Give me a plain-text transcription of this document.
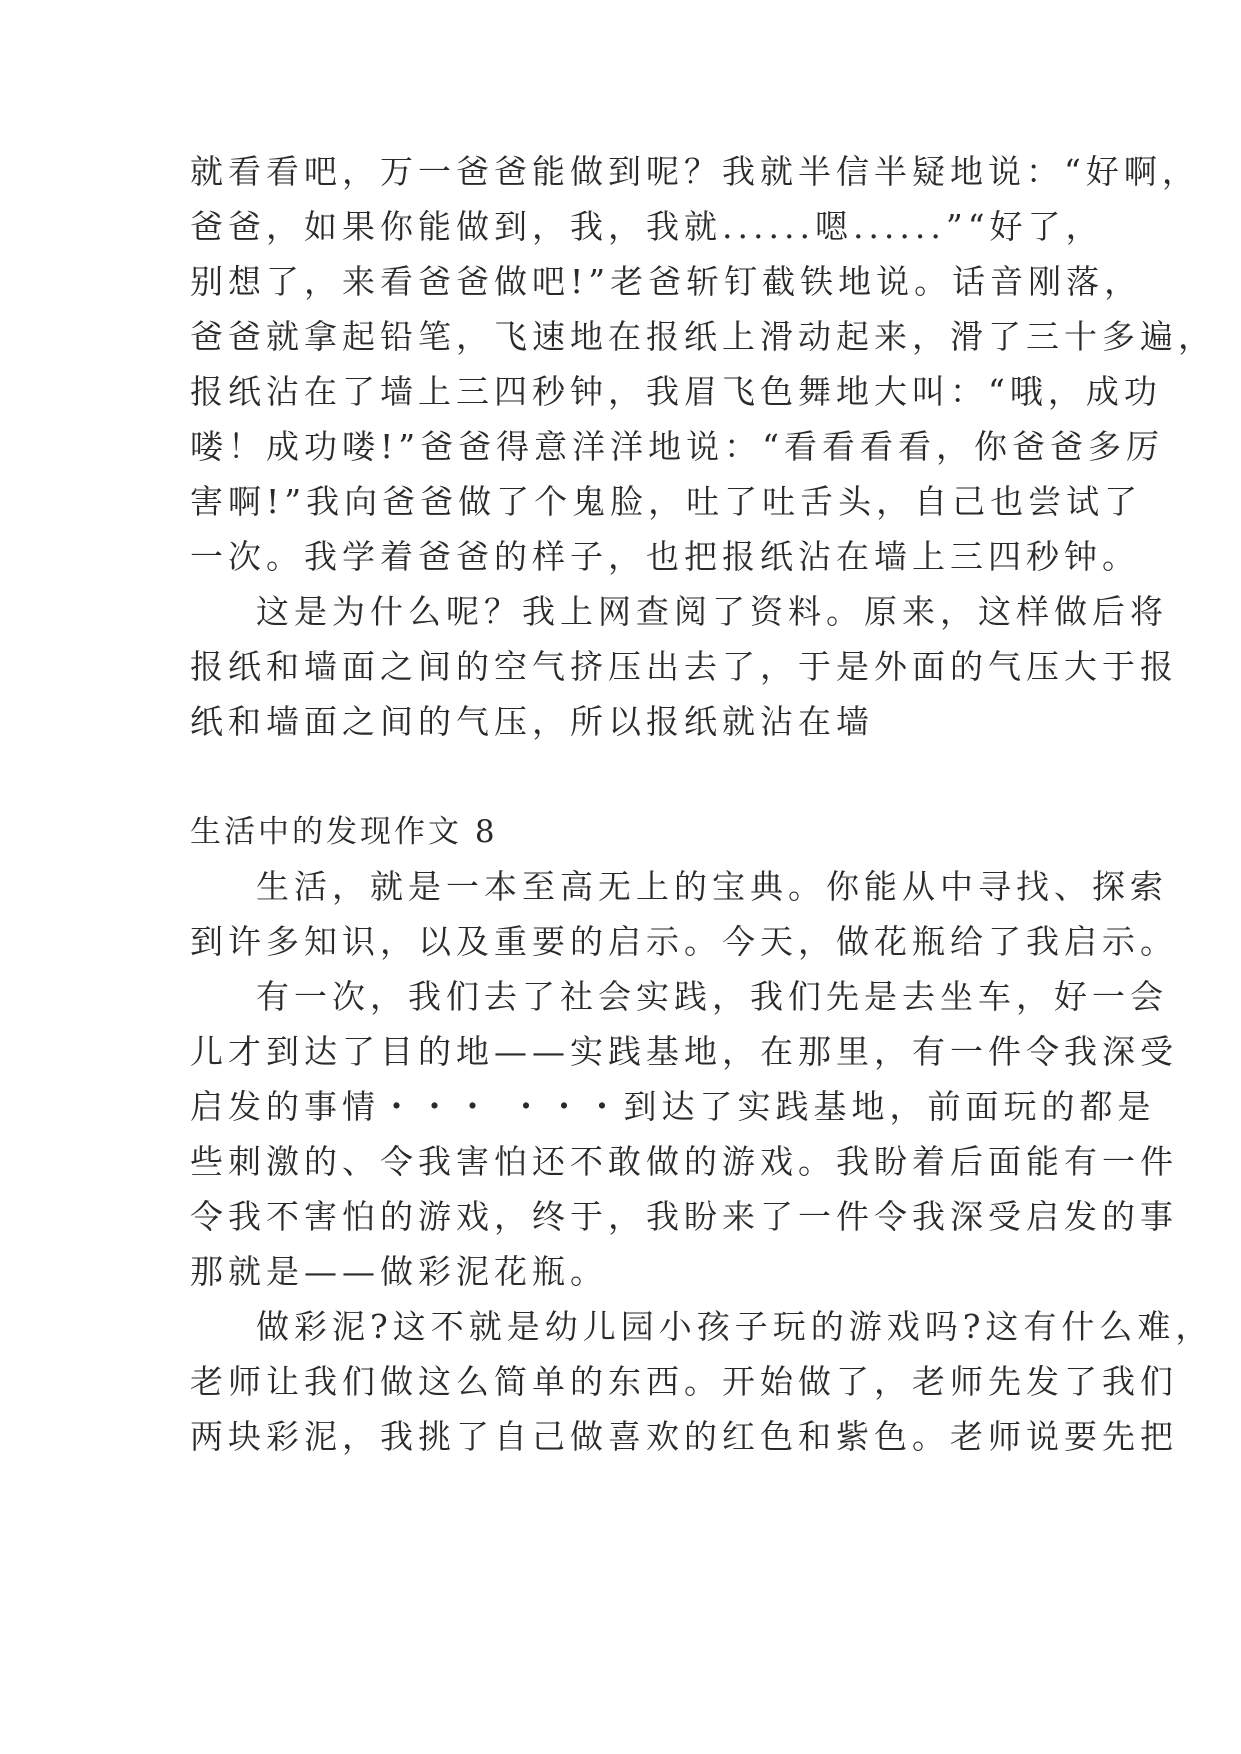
就看看吧，万一爸爸能做到呢？我就半信半疑地说：“好啊，

爸爸，如果你能做到，我，我就......嗯......”“好了，

别想了，来看爸爸做吧!”老爸斩钉截铁地说。话音刚落，

爸爸就拿起铅笔，飞速地在报纸上滑动起来，滑了三十多遍，

报纸沾在了墙上三四秒钟，我眉飞色舞地大叫：“哦，成功

喽！成功喽!”爸爸得意洋洋地说：“看看看看，你爸爸多厉

害啊!”我向爸爸做了个鬼脸，吐了吐舌头，自己也尝试了

一次。我学着爸爸的样子，也把报纸沾在墙上三四秒钟。

这是为什么呢？我上网查阅了资料。原来，这样做后将

报纸和墙面之间的空气挤压出去了，于是外面的气压大于报

纸和墙面之间的气压，所以报纸就沾在墙

生活中的发现作文 8

生活，就是一本至高无上的宝典。你能从中寻找、探索

到许多知识，以及重要的启示。今天，做花瓶给了我启示。

有一次，我们去了社会实践，我们先是去坐车，好一会

儿才到达了目的地——实践基地，在那里，有一件令我深受

启发的事情・・・ ・・・到达了实践基地，前面玩的都是

些刺激的、令我害怕还不敢做的游戏。我盼着后面能有一件

令我不害怕的游戏，终于，我盼来了一件令我深受启发的事

那就是——做彩泥花瓶。

做彩泥?这不就是幼儿园小孩子玩的游戏吗?这有什么难，

老师让我们做这么简单的东西。开始做了，老师先发了我们

两块彩泥，我挑了自己做喜欢的红色和紫色。老师说要先把
